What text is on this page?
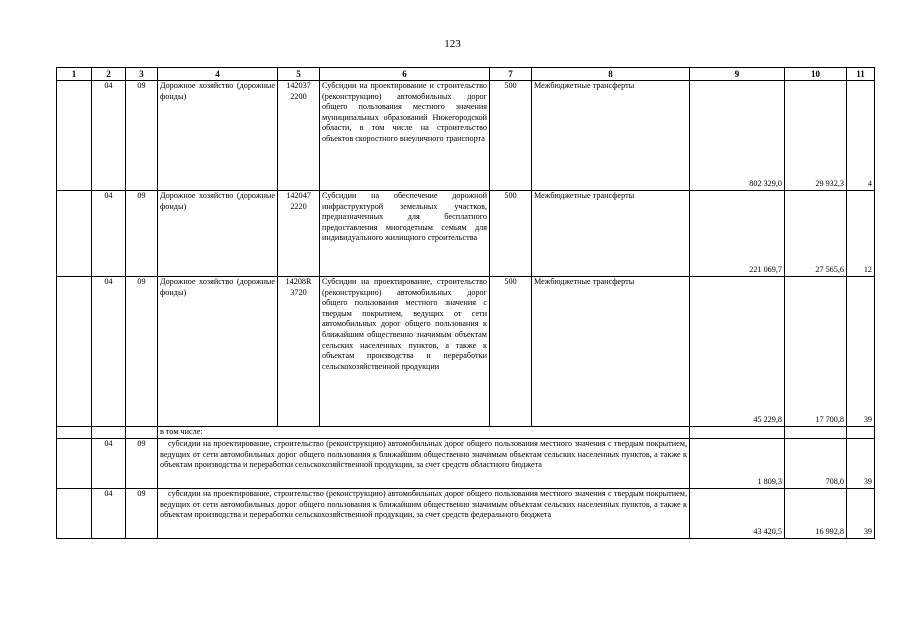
123
1	2	3	4	5	6	7	8	9	10	11
	04	09	Дорожное хозяйство (дорожные фонды)	142037 2200	Субсидии на проектирование и строительство (реконструкцию) автомобильных дорог общего пользования местного значения муниципальных образований Нижегородской области, в том числе на строительство объектов скоростного внеуличного транспорта	500	Межбюджетные трансферты	802 329,0	29 932,3	4
	04	09	Дорожное хозяйство (дорожные фонды)	142047 2220	Субсидии на обеспечение дорожной инфраструктурой земельных участков, предназначенных для бесплатного предоставления многодетным семьям для индивидуального жилищного строительства	500	Межбюджетные трансферты	221 069,7	27 565,6	12
	04	09	Дорожное хозяйство (дорожные фонды)	14208R 3720	Субсидии на проектирование, строительство (реконструкцию) автомобильных дорог общего пользования местного значения с твердым покрытием, ведущих от сети автомобильных дорог общего пользования к ближайшим общественно значимым объектам сельских населенных пунктов, а также к объектам производства и переработки сельскохозяйственной продукции	500	Межбюджетные трансферты	45 229,8	17 700,8	39
			в том числе:							
	04	09	субсидии на проектирование, строительство (реконструкцию) автомобильных дорог общего пользования местного значения с твердым покрытием, ведущих от сети автомобильных дорог общего пользования к ближайшим общественно значимым объектам сельских населенных пунктов, а также к объектам производства и переработки сельскохозяйственной продукции, за счет средств областного бюджета					1 809,3	708,0	39
	04	09	субсидии на проектирование, строительство (реконструкцию) автомобильных дорог общего пользования местного значения с твердым покрытием, ведущих от сети автомобильных дорог общего пользования к ближайшим общественно значимым объектам сельских населенных пунктов, а также к объектам производства и переработки сельскохозяйственной продукции, за счет средств федерального бюджета					43 420,5	16 992,8	39
